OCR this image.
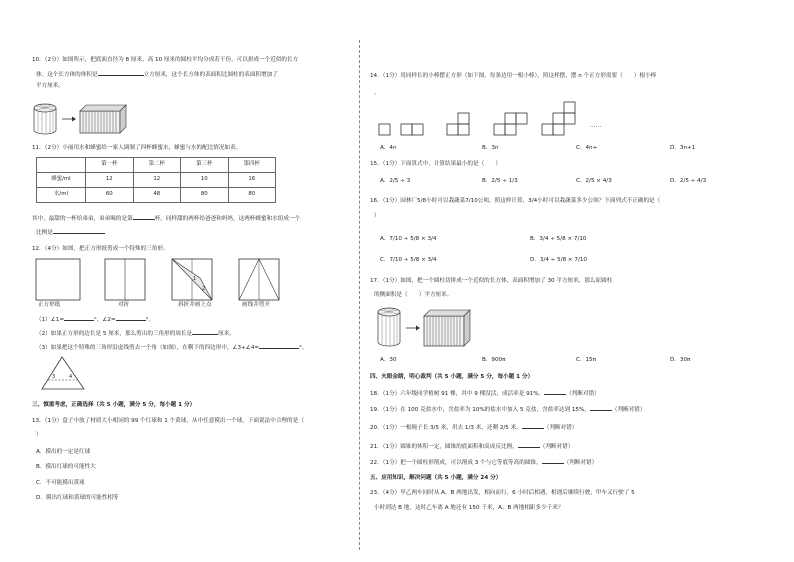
10．（2分）如图所示，把底面直径为 8 厘米、高 10 厘米的圆柱平均分成若干份，可以拼成一个近似的长方
体。这个长方体的体积是	立方厘米，这个长方体的表面积比圆柱的表面积增加了
平方厘米。
11．（2分）小丽用水和蜂蜜给一家人调制了四杯蜂蜜水，蜂蜜与水的配比情况如表。
	第一杯	第二杯	第三杯	第四杯
蜂蜜/ml	12	12	10	16
水/ml	60	48	80	80
其中，最甜的一杯给弟弟，弟弟喝的是第	杯。同样甜的两杯给爸爸和妈妈，这两杯蜂蜜和水组成一个
比例是
12．（4分）如图，把正方形纸剪成一个特殊的三角形。
1
2
正方形纸	对折	斜折并画上点	画线并剪开
（1）∠1=	°，∠2=	°。
（2）如果正方形的边长是 5 厘米，那么剪出的三角形的周长是	厘米。
（3）如果把这个特殊的三角形沿虚线剪去一个角（如图），在剩下的四边形中，∠3+∠4=	°。
3	4
三、慎重考虑，正确选择（共 5 小题，满分 5 分，每小题 1 分）
13．（1分）盒子中放了材质大小相同的 99 个红球和 1 个黄球，从中任意摸出一个球，下面说法中合理的是（
）
A．摸出的一定是红球
B．摸出红球的可能性大
C．不可能摸出黄球
D．摸出红球和黄球的可能性相等
14．（1分）用同样长的小棒摆正方形（如下图，每条边用一根小棒），照这样摆，摆 n 个正方形需要（　　）根小棒
。
……
A．4n	B．3n	C．4n+	D．3n+1
15．（1分）下面算式中，计算结果最小的是（　　）
A．2/5 ÷ 3	B．2/5 ÷ 1/3	C．2/5 × 4/3	D．2/5 ÷ 4/3
16．（1分）园林厂5/8小时可以栽蔬菜7/10公顷，照这样计算，3/4小时可以栽蔬菜多少公顷？下面列式不正确的是（
）
A．7/10 ÷ 5/8 × 3/4	B．3/4 ÷ 5/8 × 7/10
C．7/10 ÷ 5/8 × 3/4	D．3/4 ÷ 5/8 × 7/10
17．（1分）如图，把一个圆柱切拼成一个近似的长方体，表面积增加了 30 平方厘米，那么原圆柱
的侧面积是（　　）平方厘米。
A．30	B．900π	C．15π	D．30π
四、火眼金睛，明心裁判（共 5 小题，满分 5 分，每小题 1 分）
18．（1分）六年级同学植树 91 棵，其中 9 棵没活，成活率是 91%。	（判断对错）
19．（1分）在 100 克盐水中，含盐率为 10%的盐水中加入 5 克盐，含盐率达到 15%。	（判断对错）
20．（1分）一根绳子长 3/5 米，用去 1/3 米，还剩 2/5 米。	（判断对错）
21．（1分）圆锥的体积一定，圆锥的底面积和高成反比例。	（判断对错）
22．（1分）把一个圆柱形削成，可以削成 3 个与它等底等高的圆锥。	（判断对错）
五、应用知识，解决问题（共 5 小题，满分 24 分）
23．（4分）甲乙两车同时从 A、B 两地出发，相向而行，6 小时后相遇，相遇后继续行驶，甲车又行驶了 5
小时到达 B 地，这时乙车离 A 地还有 150 千米，A、B 两地相距多少千米？
